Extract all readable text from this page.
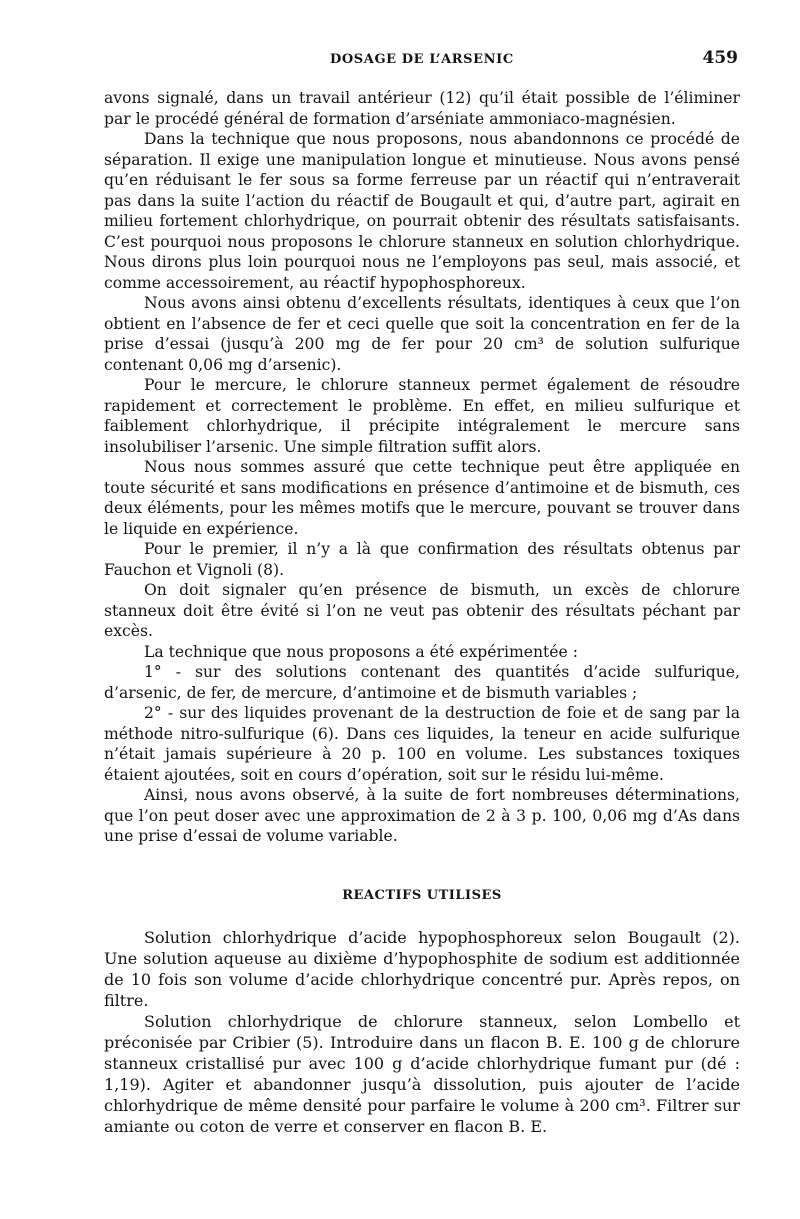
DOSAGE DE L’ARSENIC	459

avons signalé, dans un travail antérieur (12) qu’il était possible de l’éliminer par le procédé général de formation d’arséniate ammoniaco-magnésien.

Dans la technique que nous proposons, nous abandonnons ce procédé de séparation. Il exige une manipulation longue et minutieuse. Nous avons pensé qu’en réduisant le fer sous sa forme ferreuse par un réactif qui n’entraverait pas dans la suite l’action du réactif de Bougault et qui, d’autre part, agirait en milieu fortement chlorhydrique, on pourrait obtenir des résultats satisfaisants. C’est pourquoi nous proposons le chlorure stanneux en solution chlorhydrique. Nous dirons plus loin pourquoi nous ne l’employons pas seul, mais associé, et comme accessoirement, au réactif hypophosphoreux.

Nous avons ainsi obtenu d’excellents résultats, identiques à ceux que l’on obtient en l’absence de fer et ceci quelle que soit la concentration en fer de la prise d’essai (jusqu’à 200 mg de fer pour 20 cm³ de solution sulfurique contenant 0,06 mg d’arsenic).

Pour le mercure, le chlorure stanneux permet également de résoudre rapidement et correctement le problème. En effet, en milieu sulfurique et faiblement chlorhydrique, il précipite intégralement le mercure sans insolubiliser l’arsenic. Une simple filtration suffit alors.

Nous nous sommes assuré que cette technique peut être appliquée en toute sécurité et sans modifications en présence d’antimoine et de bismuth, ces deux éléments, pour les mêmes motifs que le mercure, pouvant se trouver dans le liquide en expérience.

Pour le premier, il n’y a là que confirmation des résultats obtenus par Fauchon et Vignoli (8).

On doit signaler qu’en présence de bismuth, un excès de chlorure stanneux doit être évité si l’on ne veut pas obtenir des résultats péchant par excès.

La technique que nous proposons a été expérimentée :

1° - sur des solutions contenant des quantités d’acide sulfurique, d’arsenic, de fer, de mercure, d’antimoine et de bismuth variables ;

2° - sur des liquides provenant de la destruction de foie et de sang par la méthode nitro-sulfurique (6). Dans ces liquides, la teneur en acide sulfurique n’était jamais supérieure à 20 p. 100 en volume. Les substances toxiques étaient ajoutées, soit en cours d’opération, soit sur le résidu lui-même.

Ainsi, nous avons observé, à la suite de fort nombreuses déterminations, que l’on peut doser avec une approximation de 2 à 3 p. 100, 0,06 mg d’As dans une prise d’essai de volume variable.

REACTIFS UTILISES

Solution chlorhydrique d’acide hypophosphoreux selon Bougault (2). Une solution aqueuse au dixième d’hypophosphite de sodium est additionnée de 10 fois son volume d’acide chlorhydrique concentré pur. Après repos, on filtre.

Solution chlorhydrique de chlorure stanneux, selon Lombello et préconisée par Cribier (5). Introduire dans un flacon B. E. 100 g de chlorure stanneux cristallisé pur avec 100 g d’acide chlorhydrique fumant pur (dé : 1,19). Agiter et abandonner jusqu’à dissolution, puis ajouter de l’acide chlorhydrique de même densité pour parfaire le volume à 200 cm³. Filtrer sur amiante ou coton de verre et conserver en flacon B. E.
